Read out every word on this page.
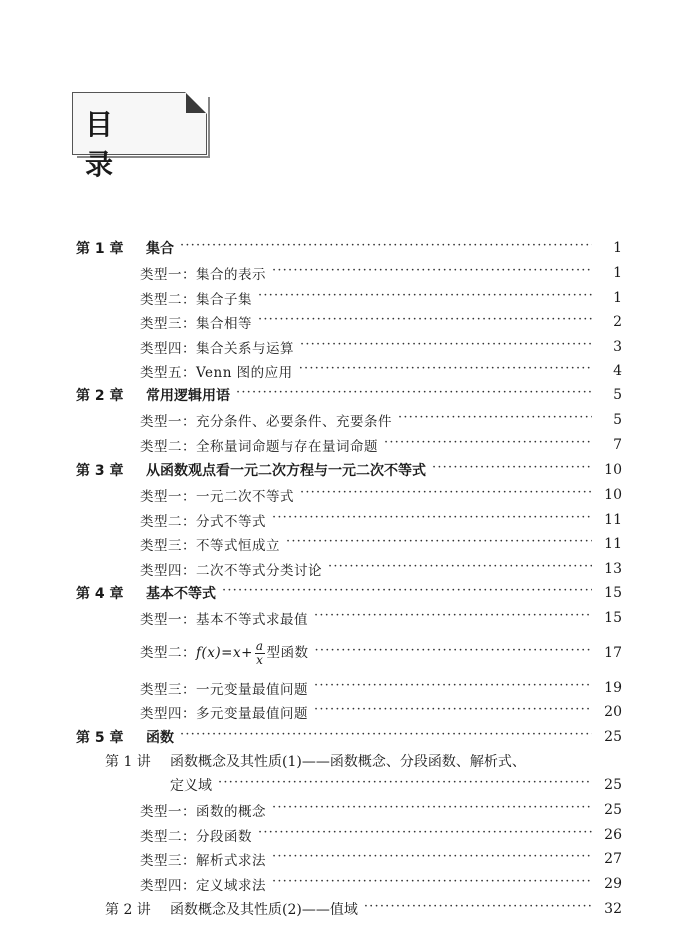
目 录
第 1 章 集合 ·····	1
类型一：集合的表示 ·····	1
类型二：集合子集 ·····	1
类型三：集合相等 ·····	2
类型四：集合关系与运算 ·····	3
类型五：Venn 图的应用 ·····	4
第 2 章 常用逻辑用语 ·····	5
类型一：充分条件、必要条件、充要条件 ·····	5
类型二：全称量词命题与存在量词命题 ·····	7
第 3 章 从函数观点看一元二次方程与一元二次不等式 ·····	10
类型一：一元二次不等式 ·····	10
类型二：分式不等式 ·····	11
类型三：不等式恒成立 ·····	11
类型四：二次不等式分类讨论 ·····	13
第 4 章 基本不等式 ·····	15
类型一：基本不等式求最值 ·····	15
类型二：$f(x)=x+ \frac{a}{x}$ 型函数 ·····	17
类型三：一元变量最值问题 ·····	19
类型四：多元变量最值问题 ·····	20
第 5 章 函数 ·····	25
第 1 讲 函数概念及其性质(1)——函数概念、分段函数、解析式、
定义域 ·····	25
类型一：函数的概念 ·····	25
类型二：分段函数 ·····	26
类型三：解析式求法 ·····	27
类型四：定义域求法 ·····	29
第 2 讲 函数概念及其性质(2)——值域 ·····	32
